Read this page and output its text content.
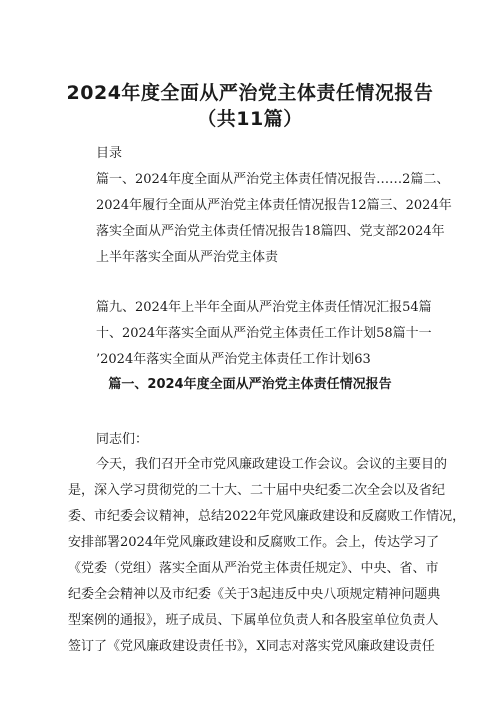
2024年度全面从严治党主体责任情况报告
（共11篇）
目录
篇一、2024年度全面从严治党主体责任情况报告……2篇二、
2024年履行全面从严治党主体责任情况报告12篇三、2024年
落实全面从严治党主体责任情况报告18篇四、党支部2024年
上半年落实全面从严治党主体责
篇九、2024年上半年全面从严治党主体责任情况汇报54篇
十、2024年落实全面从严治党主体责任工作计划58篇十一
’2024年落实全面从严治党主体责任工作计划63
篇一、2024年度全面从严治党主体责任情况报告
同志们：
今天，我们召开全市党风廉政建设工作会议。会议的主要目的
是，深入学习贯彻党的二十大、二十届中央纪委二次全会以及省纪
委、市纪委会议精神，总结2022年党风廉政建设和反腐败工作情况，
安排部署2024年党风廉政建设和反腐败工作。会上，传达学习了
《党委（党组）落实全面从严治党主体责任规定》、中央、省、市
纪委全会精神以及市纪委《关于3起违反中央八项规定精神问题典
型案例的通报》，班子成员、下属单位负责人和各股室单位负责人
签订了《党风廉政建设责任书》，X同志对落实党风廉政建设责任
